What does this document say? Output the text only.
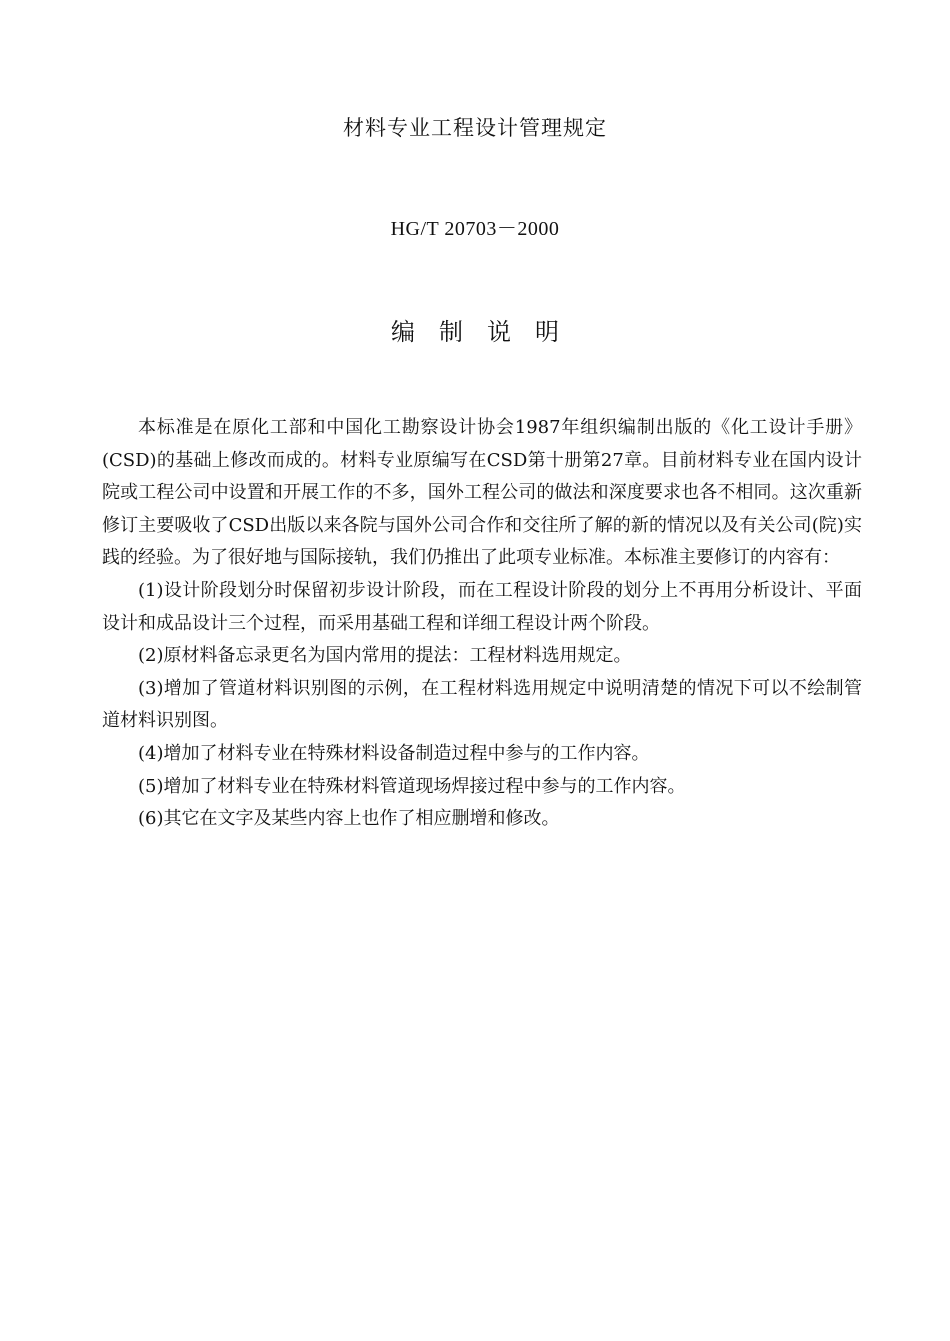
材料专业工程设计管理规定
HG/T 20703－2000
编制说明

本标准是在原化工部和中国化工勘察设计协会1987年组织编制出版的《化工设计手册》(CSD)的基础上修改而成的。材料专业原编写在CSD第十册第27章。目前材料专业在国内设计院或工程公司中设置和开展工作的不多，国外工程公司的做法和深度要求也各不相同。这次重新修订主要吸收了CSD出版以来各院与国外公司合作和交往所了解的新的情况以及有关公司(院)实践的经验。为了很好地与国际接轨，我们仍推出了此项专业标准。本标准主要修订的内容有：

(1)设计阶段划分时保留初步设计阶段，而在工程设计阶段的划分上不再用分析设计、平面设计和成品设计三个过程，而采用基础工程和详细工程设计两个阶段。

(2)原材料备忘录更名为国内常用的提法：工程材料选用规定。

(3)增加了管道材料识别图的示例，在工程材料选用规定中说明清楚的情况下可以不绘制管道材料识别图。

(4)增加了材料专业在特殊材料设备制造过程中参与的工作内容。

(5)增加了材料专业在特殊材料管道现场焊接过程中参与的工作内容。

(6)其它在文字及某些内容上也作了相应删增和修改。
